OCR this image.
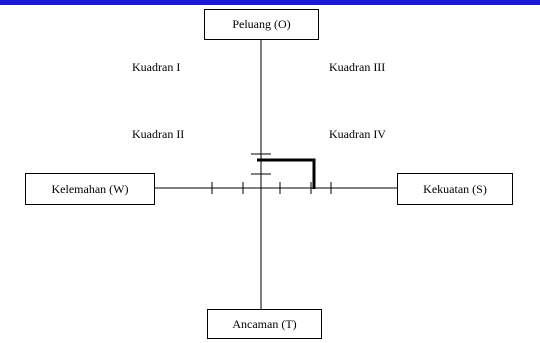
Peluang (O)
Ancaman (T)
Kelemahan (W)	Kekuatan (S)
Kuadran I	Kuadran III
Kuadran II	Kuadran IV
